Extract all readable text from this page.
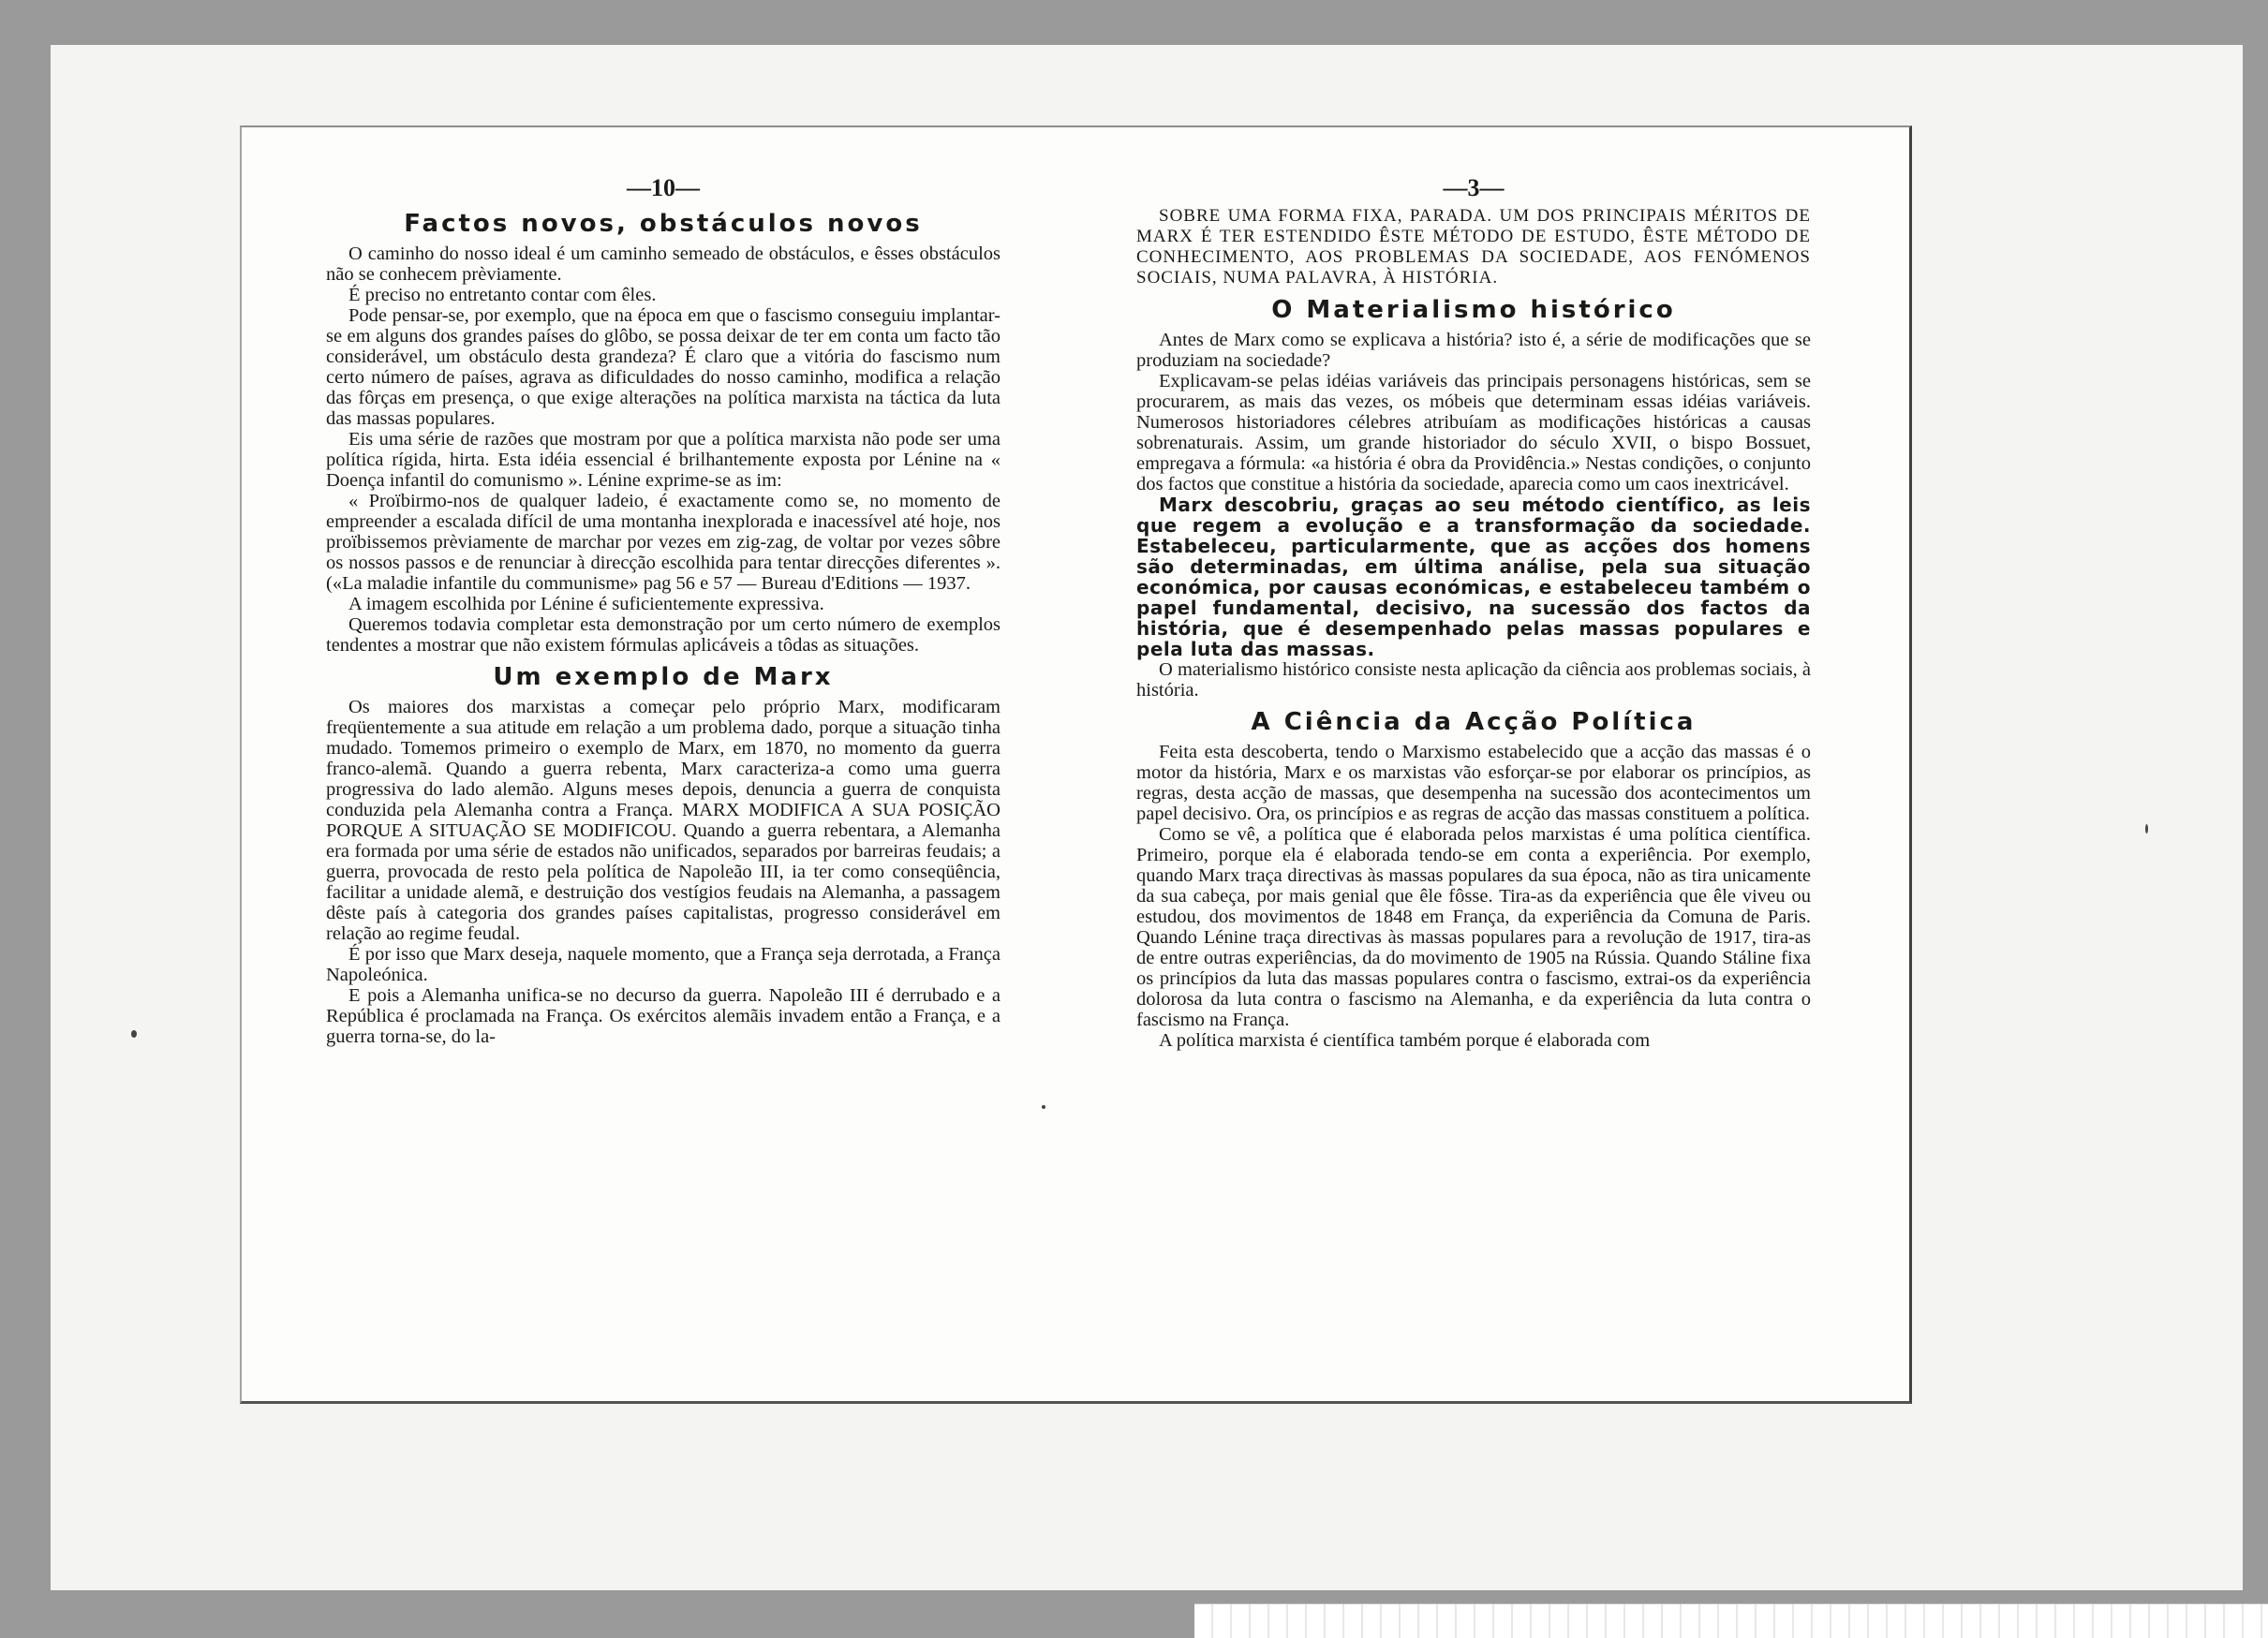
—10—
Factos novos, obstáculos novos

O caminho do nosso ideal é um caminho semeado de obstáculos, e êsses obstáculos não se conhecem prèviamente.

É preciso no entretanto contar com êles.

Pode pensar-se, por exemplo, que na época em que o fascismo conseguiu implantar-se em alguns dos grandes países do glôbo, se possa deixar de ter em conta um facto tão considerável, um obstáculo desta grandeza? É claro que a vitória do fascismo num certo número de países, agrava as dificuldades do nosso caminho, modifica a relação das fôrças em presença, o que exige alterações na política marxista na táctica da luta das massas populares.

Eis uma série de razões que mostram por que a política marxista não pode ser uma política rígida, hirta. Esta idéia essencial é brilhantemente exposta por Lénine na « Doença infantil do comunismo ». Lénine exprime-se as im:

« Proïbirmo-nos de qualquer ladeio, é exactamente como se, no momento de empreender a escalada difícil de uma montanha inexplorada e inacessível até hoje, nos proïbissemos prèviamente de marchar por vezes em zig-zag, de voltar por vezes sôbre os nossos passos e de renunciar à direcção escolhida para tentar direcções diferentes ». («La maladie infantile du communisme» pag 56 e 57 — Bureau d'Editions — 1937.

A imagem escolhida por Lénine é suficientemente expressiva.

Queremos todavia completar esta demonstração por um certo número de exemplos tendentes a mostrar que não existem fórmulas aplicáveis a tôdas as situações.

Um exemplo de Marx

Os maiores dos marxistas a começar pelo próprio Marx, modificaram freqüentemente a sua atitude em relação a um problema dado, porque a situação tinha mudado. Tomemos primeiro o exemplo de Marx, em 1870, no momento da guerra franco-alemã. Quando a guerra rebenta, Marx caracteriza-a como uma guerra progressiva do lado alemão. Alguns meses depois, denuncia a guerra de conquista conduzida pela Alemanha contra a França. MARX MODIFICA A SUA POSIÇÃO PORQUE A SITUAÇÃO SE MODIFICOU. Quando a guerra rebentara, a Alemanha era formada por uma série de estados não unificados, separados por barreiras feudais; a guerra, provocada de resto pela política de Napoleão III, ia ter como conseqüência, facilitar a unidade alemã, e destruição dos vestígios feudais na Alemanha, a passagem dêste país à categoria dos grandes países capitalistas, progresso considerável em relação ao regime feudal.

É por isso que Marx deseja, naquele momento, que a França seja derrotada, a França Napoleónica.

E pois a Alemanha unifica-se no decurso da guerra. Napoleão III é derrubado e a República é proclamada na França. Os exércitos alemãis invadem então a França, e a guerra torna-se, do la-

—3—

SOBRE UMA FORMA FIXA, PARADA. UM DOS PRINCIPAIS MÉRITOS DE MARX É TER ESTENDIDO ÊSTE MÉTODO DE ESTUDO, ÊSTE MÉTODO DE CONHECIMENTO, AOS PROBLEMAS DA SOCIEDADE, AOS FENÓMENOS SOCIAIS, NUMA PALAVRA, À HISTÓRIA.

O Materialismo histórico

Antes de Marx como se explicava a história? isto é, a série de modificações que se produziam na sociedade?

Explicavam-se pelas idéias variáveis das principais personagens históricas, sem se procurarem, as mais das vezes, os móbeis que determinam essas idéias variáveis. Numerosos historiadores célebres atribuíam as modificações históricas a causas sobrenaturais. Assim, um grande historiador do século XVII, o bispo Bossuet, empregava a fórmula: «a história é obra da Providência.» Nestas condições, o conjunto dos factos que constitue a história da sociedade, aparecia como um caos inextricável.

Marx descobriu, graças ao seu método científico, as leis que regem a evolução e a transformação da sociedade. Estabeleceu, particularmente, que as acções dos homens são determinadas, em última análise, pela sua situação económica, por causas económicas, e estabeleceu também o papel fundamental, decisivo, na sucessão dos factos da história, que é desempenhado pelas massas populares e pela luta das massas.

O materialismo histórico consiste nesta aplicação da ciência aos problemas sociais, à história.

A Ciência da Acção Política

Feita esta descoberta, tendo o Marxismo estabelecido que a acção das massas é o motor da história, Marx e os marxistas vão esforçar-se por elaborar os princípios, as regras, desta acção de massas, que desempenha na sucessão dos acontecimentos um papel decisivo. Ora, os princípios e as regras de acção das massas constituem a política.

Como se vê, a política que é elaborada pelos marxistas é uma política científica. Primeiro, porque ela é elaborada tendo-se em conta a experiência. Por exemplo, quando Marx traça directivas às massas populares da sua época, não as tira unicamente da sua cabeça, por mais genial que êle fôsse. Tira-as da experiência que êle viveu ou estudou, dos movimentos de 1848 em França, da experiência da Comuna de Paris. Quando Lénine traça directivas às massas populares para a revolução de 1917, tira-as de entre outras experiências, da do movimento de 1905 na Rússia. Quando Stáline fixa os princípios da luta das massas populares contra o fascismo, extrai-os da experiência dolorosa da luta contra o fascismo na Alemanha, e da experiência da luta contra o fascismo na França.

A política marxista é científica também porque é elaborada com
